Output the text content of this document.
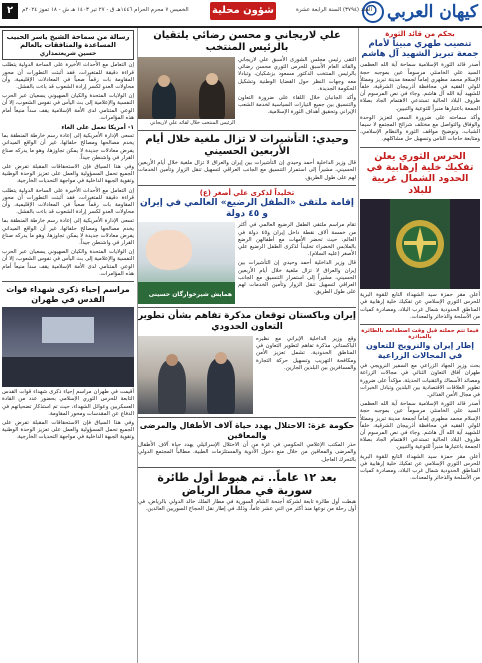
كيهان العربي
العدد (٣٧٩٤) السنة الرابعة عشرة
شؤون محلية
الخميس ٧ محرم الحرام ١٤٤٦هـ ق - ٢٧ تير ١٤٠٣ هـ ش - ١٨ تموز ٢٠٢٤م
٢
بحكم من قائد الثورة
تنصيب طهري مبيناً لأمام جمعة تبريز الشهيد آل هاشم
أصدر قائد الثورة الإسلامية سماحة آية الله العظمى السيد علي الخامنئي مرسوماً عين بموجبه حجة الإسلام محمد مطهري إماماً لجمعة مدينة تبريز وممثلاً للولي الفقيه في محافظة أذربيجان الشرقية، خلفاً للشهيد آية الله آل هاشم. وجاء في نص المرسوم أن ظروف البلاد الحالية تستدعي الاهتمام الجاد بصلاة الجمعة باعتبارها منبراً للتوعية والتبيين.
وأكد سماحته على ضرورة السعي لتعزيز الوحدة والوفاق والتواصل مع مختلف شرائح المجتمع لا سيما الشباب، وتوضيح مواقف الثورة والنظام الإسلامي، ومتابعة حاجات الناس وتسهيل حل مشاكلهم.
الحرس الثوري يعلن تفكيك خلية إرهابية في الحدود الشمال غربية للبلاد
أعلن مقر حمزة سيد الشهداء التابع للقوة البرية للحرس الثوري الإسلامي عن تفكيك خلية إرهابية في المناطق الحدودية شمال غرب البلاد، ومصادرة كميات من الأسلحة والذخائر والمعدات.
فيما تتم حملته قبل وقت اصطدامه بالطائرة بالمبادرة
إطار إيران والنرويج للتعاون في المجالات الزراعية
بحث وزير الجهاد الزراعي مع السفير النرويجي في طهران آفاق التعاون الثنائي في مجالات الزراعة ومصائد الأسماك والتقنيات الحديثة، مؤكداً على ضرورة تطوير العلاقات الاقتصادية بين البلدين وتبادل الخبرات في مجال الأمن الغذائي.
أصدر قائد الثورة الإسلامية سماحة آية الله العظمى السيد علي الخامنئي مرسوماً عين بموجبه حجة الإسلام محمد مطهري إماماً لجمعة مدينة تبريز وممثلاً للولي الفقيه في محافظة أذربيجان الشرقية، خلفاً للشهيد آية الله آل هاشم. وجاء في نص المرسوم أن ظروف البلاد الحالية تستدعي الاهتمام الجاد بصلاة الجمعة باعتبارها منبراً للتوعية والتبيين.
أعلن مقر حمزة سيد الشهداء التابع للقوة البرية للحرس الثوري الإسلامي عن تفكيك خلية إرهابية في المناطق الحدودية شمال غرب البلاد، ومصادرة كميات من الأسلحة والذخائر والمعدات.
علي لاريجاني و محسن رضائي يلتقيان بالرئيس المنتخب
التقى رئيس مجلس الشورى الأسبق علي لاريجاني والقائد العام الأسبق للحرس الثوري محسن رضائي بالرئيس المنتخب الدكتور مسعود بزشكيان، وتبادلا معه وجهات النظر حول القضايا الوطنية وتشكيل الحكومة الجديدة.
وأكد الجانبان خلال اللقاء على ضرورة التعاون والتنسيق بين جميع التيارات السياسية لخدمة الشعب الإيراني وتحقيق أهداف الثورة الإسلامية.
الرئيس المنتخب خلال لقائه علي لاريجاني
وحيدي: التأشيرات لا تزال ملغية خلال أيام الأربعين الحسيني
قال وزير الداخلية أحمد وحيدي إن التأشيرات بين إيران والعراق لا تزال ملغية خلال أيام الأربعين الحسيني، مشيراً إلى استمرار التنسيق مع الجانب العراقي لتسهيل تنقل الزوار وتأمين الخدمات لهم على طول الطريق.
تخليداً لذكرى علي أصغر (ع)
إقامة ملتقى «الطفل الرضيع» العالمي في إيران و ٤٥ دولة
تقام مراسم ملتقى الطفل الرضيع العالمي في أكثر من خمسة آلاف نقطة داخل إيران و٤٥ دولة في العالم، حيث تحضر الأمهات مع أطفالهن الرضع بالملابس الخضراء تخليداً لذكرى الطفل الرضيع علي الأصغر (عليه السلام).
قال وزير الداخلية أحمد وحيدي إن التأشيرات بين إيران والعراق لا تزال ملغية خلال أيام الأربعين الحسيني، مشيراً إلى استمرار التنسيق مع الجانب العراقي لتسهيل تنقل الزوار وتأمين الخدمات لهم على طول الطريق.
همایش شیرخوارگان حسینی
إيران وباكستان توقعان مذكرة تفاهم بشأن تطوير التعاون الحدودي
وقع وزير الداخلية الإيراني مع نظيره الباكستاني مذكرة تفاهم لتطوير التعاون في المناطق الحدودية، تشمل تعزيز الأمن ومكافحة التهريب وتسهيل حركة التجارة والمسافرين بين البلدين الجارين.
حكومة غزة: الاحتلال يهدد حياة آلاف الأطفال والمرضى والمعاقين
حذر المكتب الإعلامي الحكومي في غزة من أن الاحتلال الإسرائيلي يهدد حياة آلاف الأطفال والمرضى والمعاقين من خلال منع دخول الأدوية والمستلزمات الطبية، مطالباً المجتمع الدولي بالتحرك العاجل.
بعد ١٢ عاماً.. تم هبوط أول طائرة سورية في مطار الرياض
هبطت أول طائرة تابعة لشركة أجنحة الشام السورية في مطار الملك خالد الدولي بالرياض، في أول رحلة من نوعها منذ أكثر من اثني عشر عاماً، وذلك في إطار نقل الحجاج السوريين العائدين.
رسالة من سماحة الشيخ ياسر الحبيب المساعدة والمنافقات بالعالم
حسين شريعتمداري
إن التعامل مع الأحداث الأخيرة على الساحة الدولية يتطلب قراءة دقيقة للمتغيرات، فقد أثبتت التطورات أن محور المقاومة بات رقماً صعباً في المعادلات الإقليمية، وأن محاولات العدو لكسر إرادة الشعوب قد باءت بالفشل.
إن الولايات المتحدة والكيان الصهيوني يسعيان عبر الحرب النفسية والإعلامية إلى بث اليأس في نفوس الشعوب، إلا أن الوعي المتنامي لدى الأمة الإسلامية يقف سداً منيعاً أمام هذه المؤامرات.
١- أمريكا تعمل على الغاء
تسعى الإدارة الأمريكية إلى إعادة رسم خارطة المنطقة بما يخدم مصالحها ومصالح حلفائها، غير أن الواقع الميداني يفرض معادلات جديدة لا يمكن تجاوزها، وهو ما يدركه صناع القرار في واشنطن جيداً.
وفي هذا السياق فإن الاستحقاقات المقبلة تفرض على الجميع تحمل المسؤولية والعمل على تعزيز الوحدة الوطنية وتقوية الجبهة الداخلية في مواجهة التحديات الخارجية.
إن التعامل مع الأحداث الأخيرة على الساحة الدولية يتطلب قراءة دقيقة للمتغيرات، فقد أثبتت التطورات أن محور المقاومة بات رقماً صعباً في المعادلات الإقليمية، وأن محاولات العدو لكسر إرادة الشعوب قد باءت بالفشل.
تسعى الإدارة الأمريكية إلى إعادة رسم خارطة المنطقة بما يخدم مصالحها ومصالح حلفائها، غير أن الواقع الميداني يفرض معادلات جديدة لا يمكن تجاوزها، وهو ما يدركه صناع القرار في واشنطن جيداً.
إن الولايات المتحدة والكيان الصهيوني يسعيان عبر الحرب النفسية والإعلامية إلى بث اليأس في نفوس الشعوب، إلا أن الوعي المتنامي لدى الأمة الإسلامية يقف سداً منيعاً أمام هذه المؤامرات.
مراسم إحياء ذكرى شهداء قوات القدس في طهران
أقيمت في طهران مراسم إحياء ذكرى شهداء قوات القدس التابعة للحرس الثوري الإسلامي بحضور عدد من القادة العسكريين وعوائل الشهداء، حيث تم استذكار تضحياتهم في الدفاع عن المقدسات ومحور المقاومة.
وفي هذا السياق فإن الاستحقاقات المقبلة تفرض على الجميع تحمل المسؤولية والعمل على تعزيز الوحدة الوطنية وتقوية الجبهة الداخلية في مواجهة التحديات الخارجية.
